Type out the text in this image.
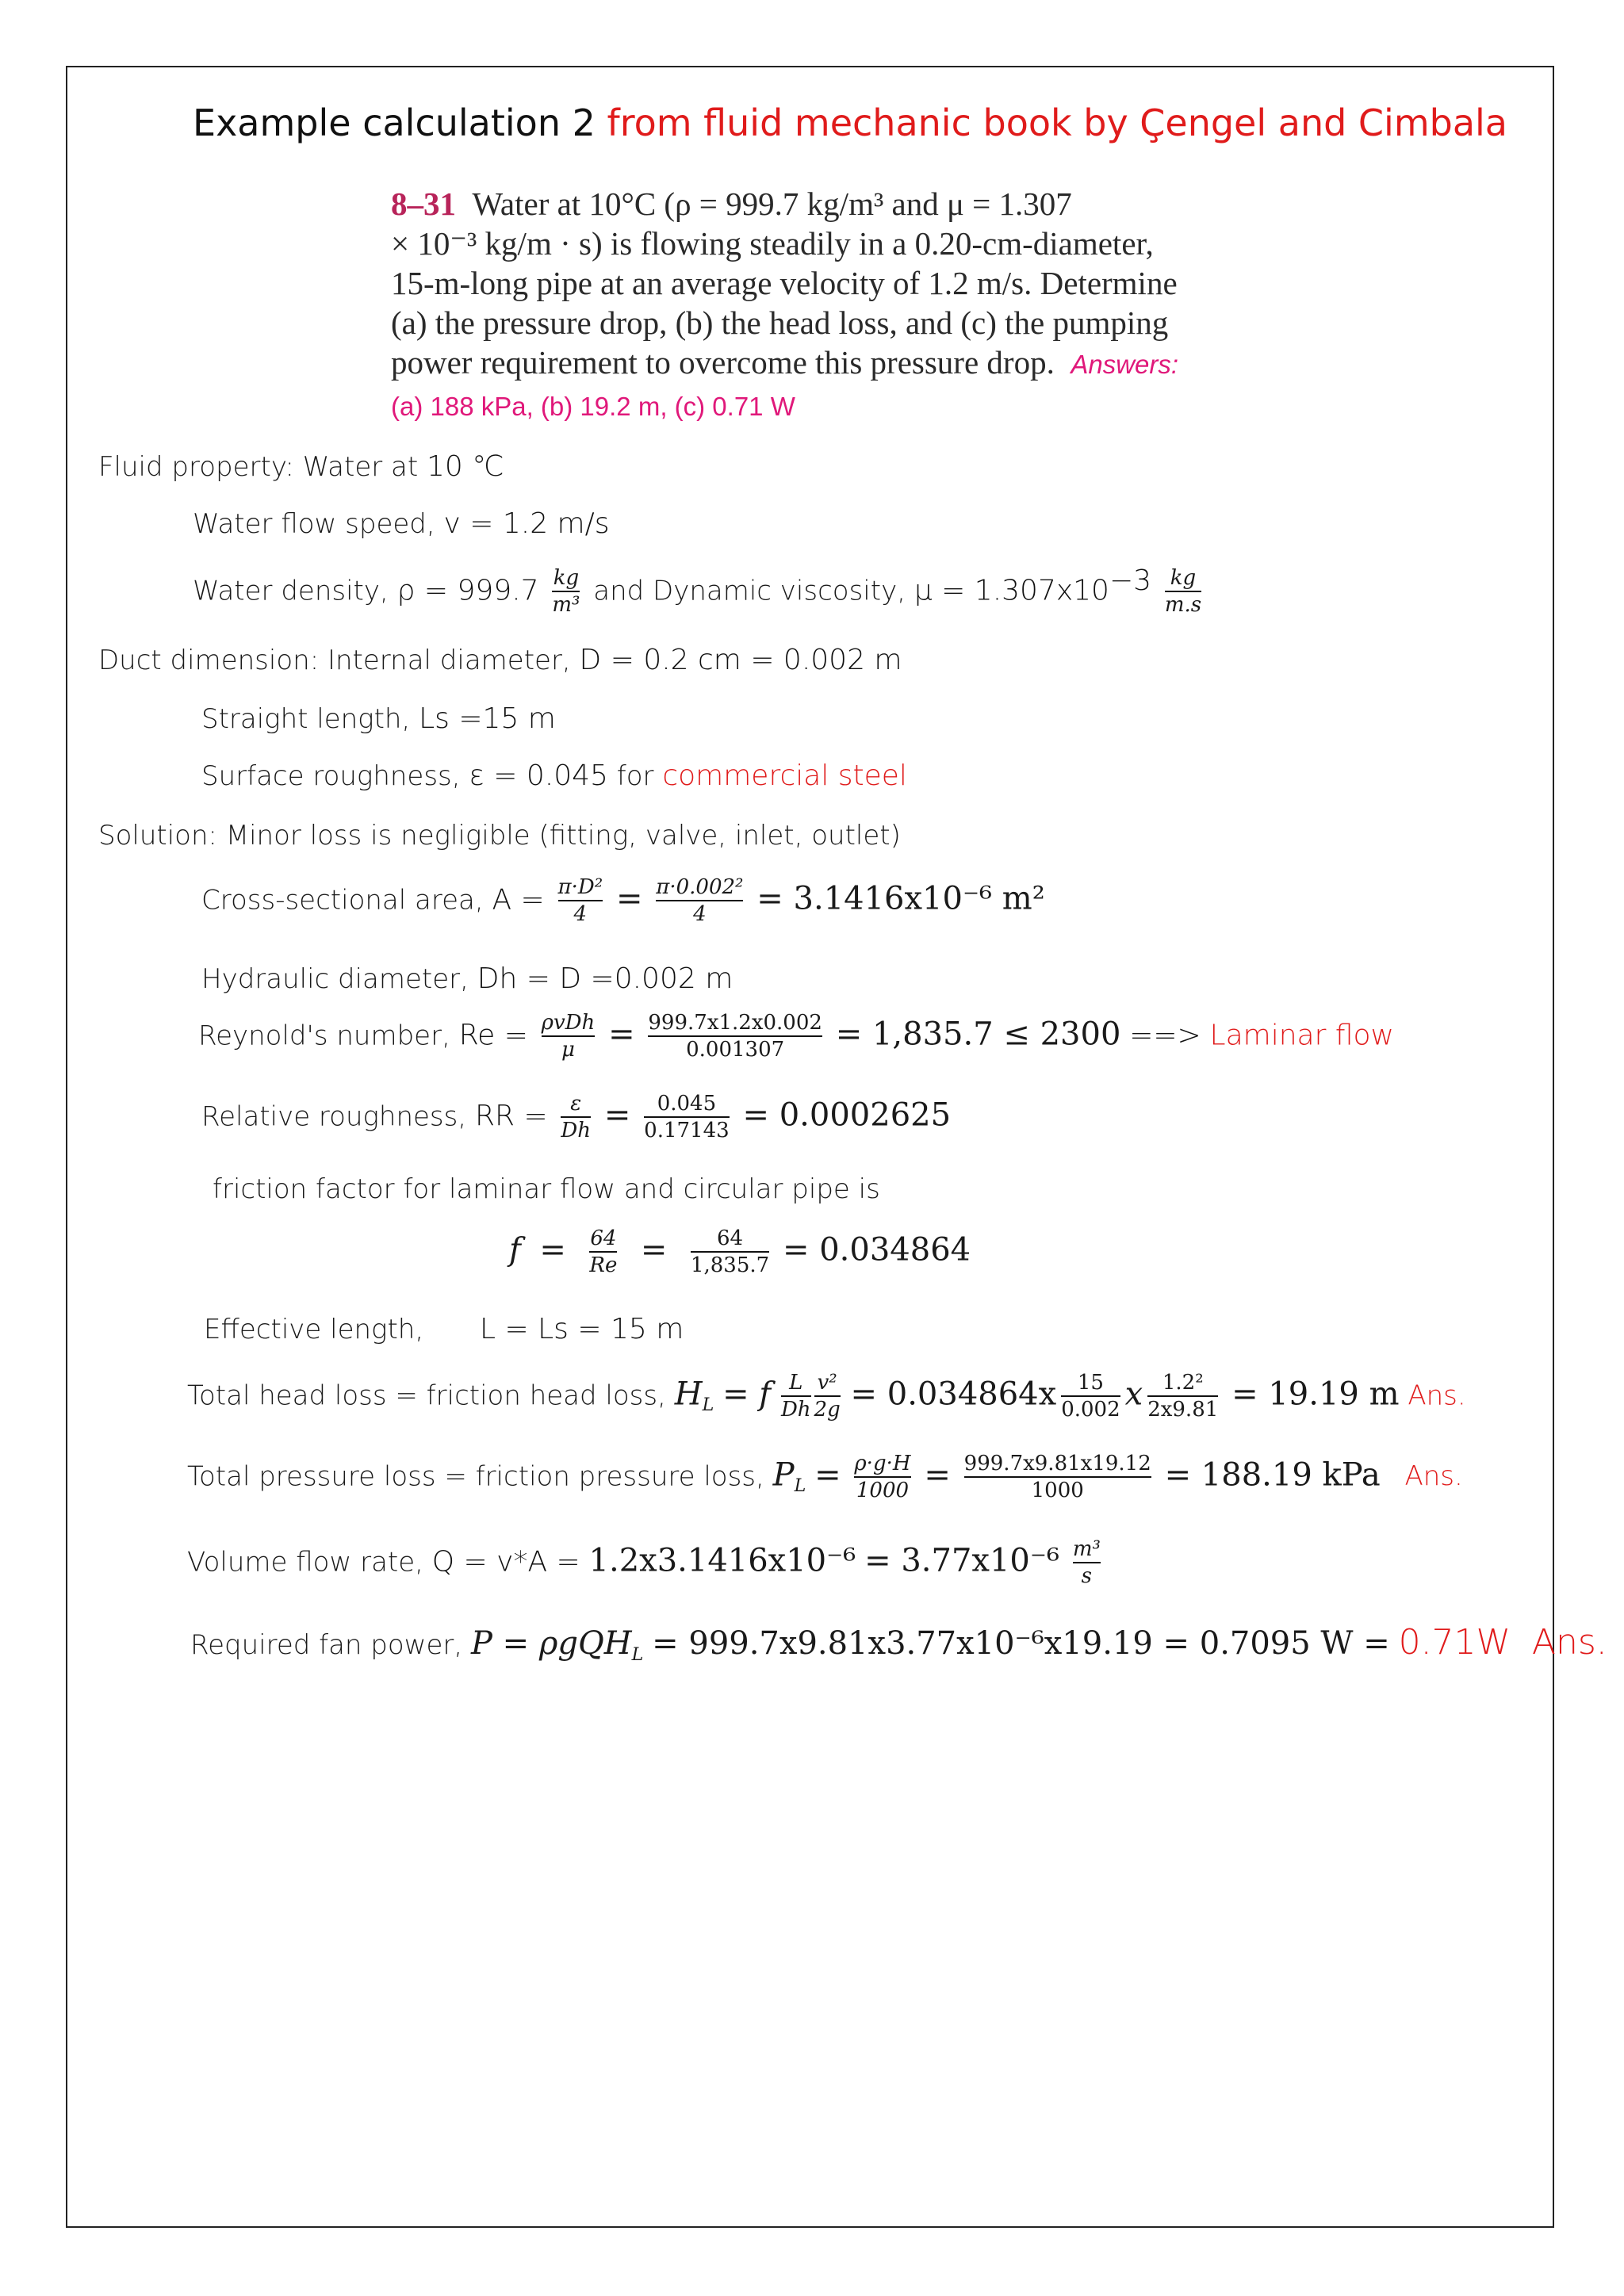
Example calculation 2 from fluid mechanic book by Çengel and Cimbala
8–31 Water at 10°C (ρ = 999.7 kg/m³ and μ = 1.307
× 10⁻³ kg/m · s) is flowing steadily in a 0.20-cm-diameter,
15-m-long pipe at an average velocity of 1.2 m/s. Determine
(a) the pressure drop, (b) the head loss, and (c) the pumping
power requirement to overcome this pressure drop. Answers:
(a) 188 kPa, (b) 19.2 m, (c) 0.71 W
Fluid property: Water at 10 ℃
Water flow speed, v = 1.2 m/s
Water density, $\rho = 999.7 \frac{kg}{\text{m³}}$ and Dynamic viscosity, $\mu = 1.307x10^{-3} \frac{kg}{m.s}$
Duct dimension: Internal diameter, D = 0.2 cm = 0.002 m
Straight length, Ls =15 m
Surface roughness, ε = 0.045 for commercial steel
Solution: Minor loss is negligible (fitting, valve, inlet, outlet)
Cross-sectional area, $A = \frac{\text{π·D²}}{4} = \frac{\text{π·0.002²}}{4} = 3.1416x10^{-6}$ m²
Hydraulic diameter, Dh = D =0.002 m
Reynold's number, $Re = \frac{\text{ρvDh}}{\mu} = \frac{999.7x1.2x0.002}{0.001307} = 1,835.7 \le 2300$ ==> Laminar flow
Relative roughness, RR = $\frac{\varepsilon}{Dh} = \frac{0.045}{0.17143} = 0.0002625$
friction factor for laminar flow and circular pipe is
$f = \frac{64}{Re} = \frac{64}{1,835.7} = 0.034864$
Effective length, L = Ls = 15 m
Total head loss = friction head loss, $H_L = f \frac{L}{Dh} \frac{\text{v²}}{2g} = 0.034864x \frac{15}{0.002}$ x $\frac{\text{1.2²}}{2x9.81} = 19.19$ m Ans.
Total pressure loss = friction pressure loss, $P_L = \frac{\rho\cdot g\cdot H}{1000} = \frac{999.7x9.81x19.12}{1000} = 188.19$ kPa Ans.
Volume flow rate, $Q = v*A = 1.2x3.1416x10^{-6} = 3.77x10^{-6} \frac{\text{m³}}{s}$
Required fan power, P = ρgQH$_L$ = 999.7x9.81x3.77x10⁻⁶x19.19 = 0.7095 W = 0.71W Ans.
